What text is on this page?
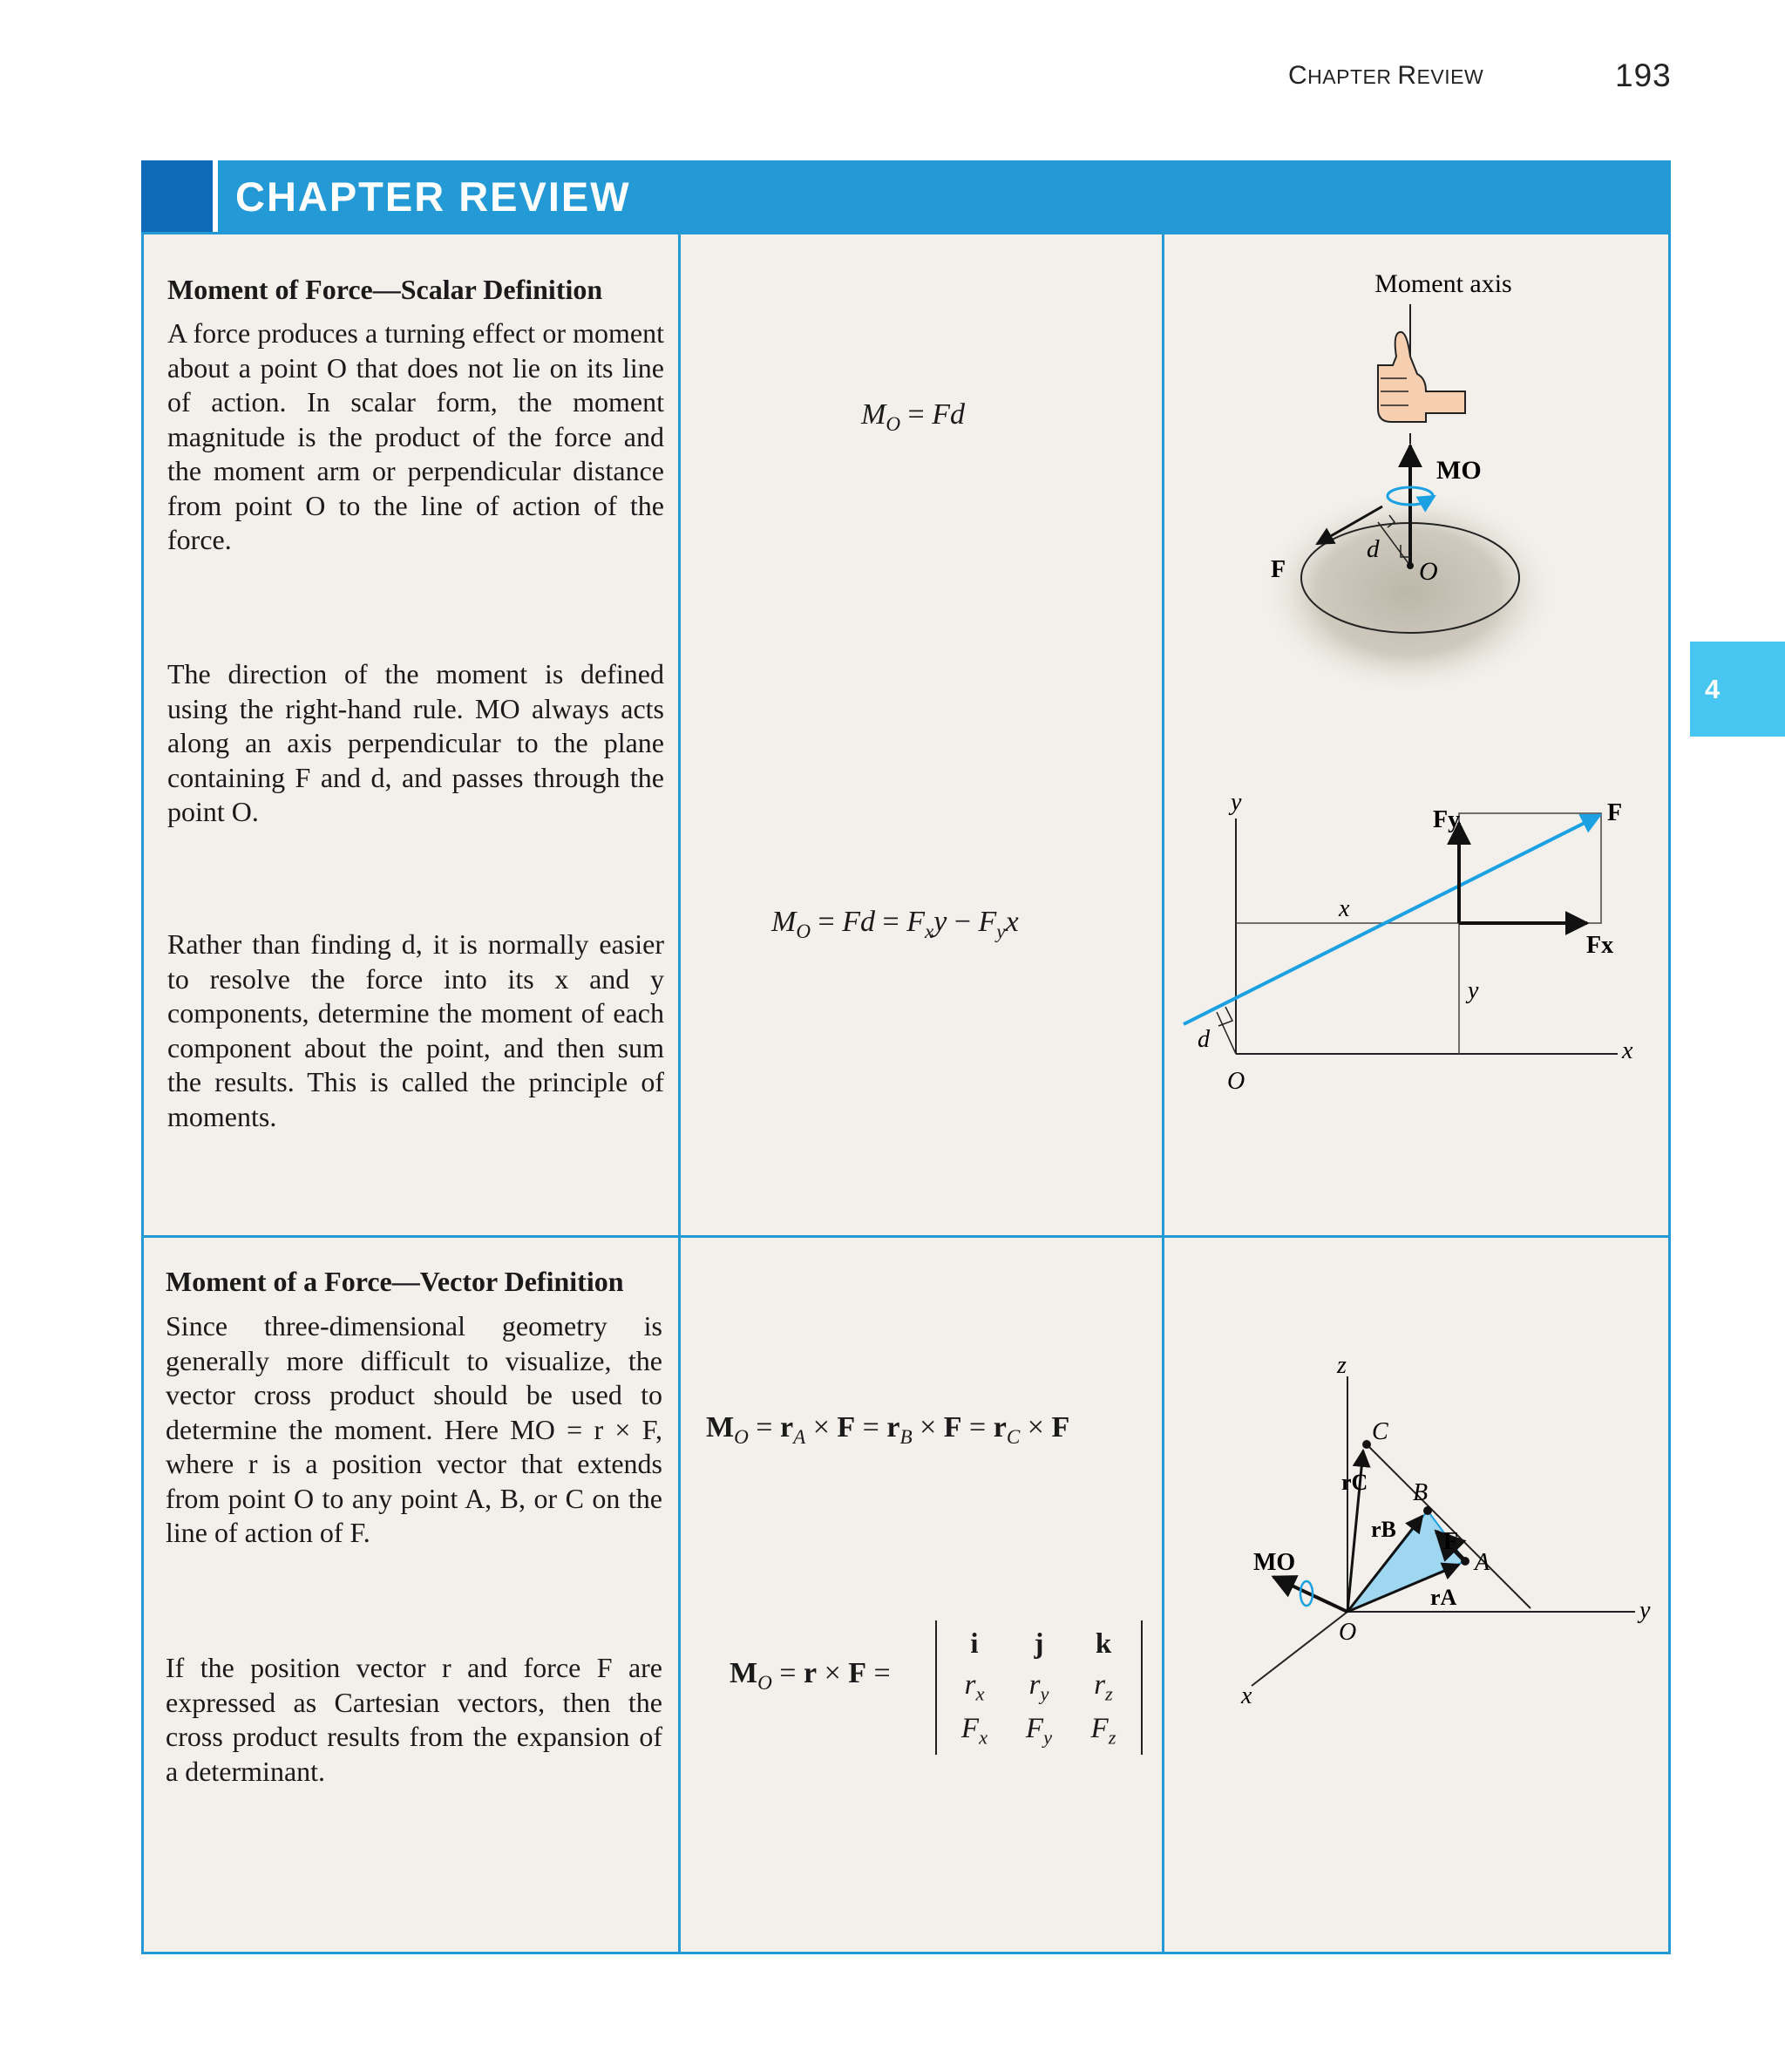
CHAPTER REVIEW	193
4
CHAPTER REVIEW
Moment of Force—Scalar Definition
A force produces a turning effect or moment about a point O that does not lie on its line of action. In scalar form, the moment magnitude is the product of the force and the moment arm or perpendicular distance from point O to the line of action of the force.
The direction of the moment is defined using the right-hand rule. MO always acts along an axis perpendicular to the plane containing F and d, and passes through the point O.
Rather than finding d, it is normally easier to resolve the force into its x and y components, determine the moment of each component about the point, and then sum the results. This is called the principle of moments.
$M_O = Fd$
$M_O = Fd = F_xy - F_yx$
Moment axis
MO
d
O
F
y
x
F
Fy
Fx
x
y
d
O
Moment of a Force—Vector Definition
Since three-dimensional geometry is generally more difficult to visualize, the vector cross product should be used to determine the moment. Here MO = r × F, where r is a position vector that extends from point O to any point A, B, or C on the line of action of F.
If the position vector r and force F are expressed as Cartesian vectors, then the cross product results from the expansion of a determinant.
$M_O = r_A \times F = r_B \times F = r_C \times F$
$M_O = r \times F$ =
i	j	k
$r_x$	$r_y$	$r_z$
$F_x$	$F_y$	$F_z$
z
y
x
C
B
A
F
rC
rB
rA
MO
O
